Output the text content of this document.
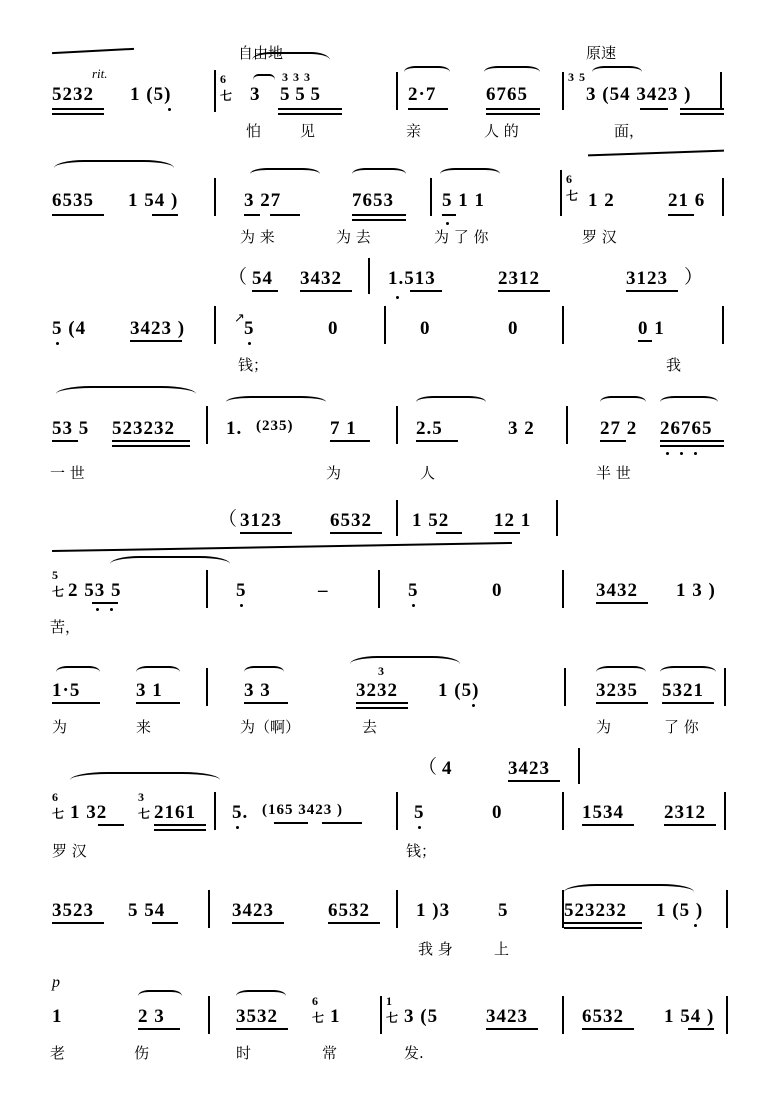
自由地	原速
rit.
5232 1 (5)
6
七 3 5 5 5
3 3 3
2·7	6765
3 5
3 (54 3423 )
怕	见	亲	人 的	面，
6535 1 54 )	3 27	7653	5 1 1
6
七 1 2	21 6
为 来	为 去	为 了 你	罗 汉
（ 54 3432 1.513	2312	3123 ）
5 (4 3423 )	5
↗
0	0	0	0 1
钱；	我
53 5 523232	1. (235) 7 1	2.5	3 2	27 2 26765
一 世	为	人	半 世
（ 3123	6532 1 52 12 1
5
七 2 53 5	5	–	5	0	3432 1 3 )
苦，
1·5	3 1	3 3
3
3232 1 (5)	3235 5321
为	来	为（啊）	去	为	了 你
（ 4	3423
6
七 1 32
3
七 2161 5. (165 3423 )	5	0	1534 2312
罗 汉	钱；
3523 5 54	3423	6532 1 )3	5	523232 1 (5 )
我 身	上
p
1	2 3	3532
6
七 1
1
七 3 (5	3423	6532 1 54 )
老	伤	时	常	发.
